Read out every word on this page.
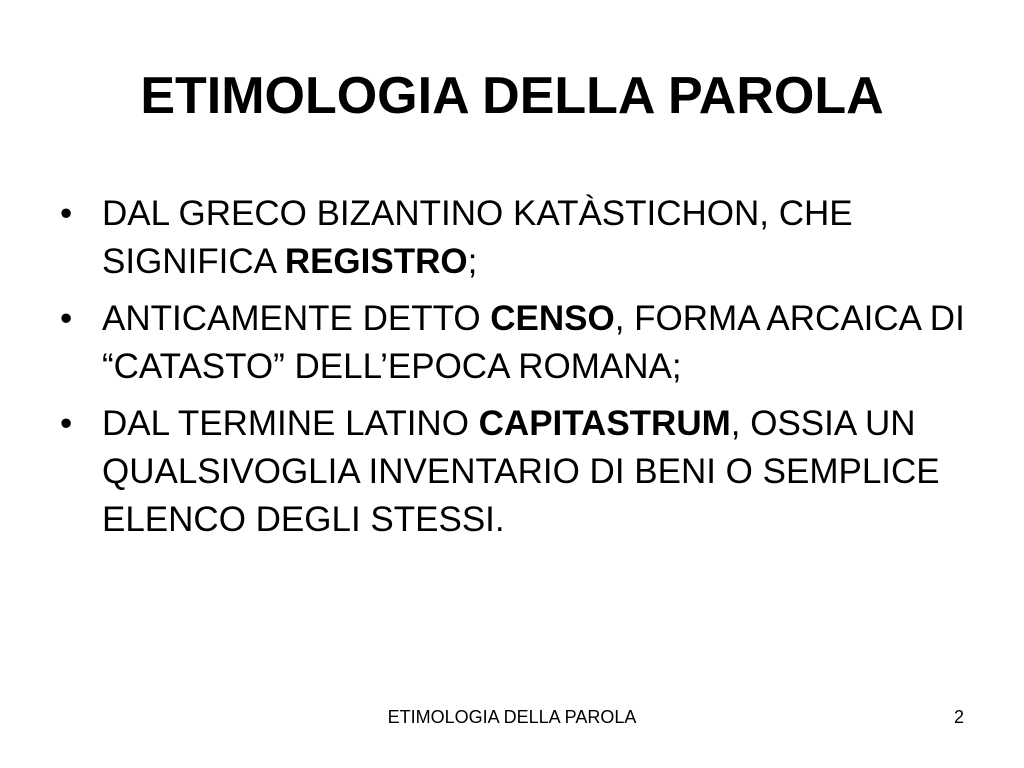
ETIMOLOGIA DELLA PAROLA
• DAL GRECO BIZANTINO KATÀSTICHON, CHE SIGNIFICA REGISTRO;
• ANTICAMENTE DETTO CENSO, FORMA ARCAICA DI “CATASTO” DELL’EPOCA ROMANA;
• DAL TERMINE LATINO CAPITASTRUM, OSSIA UN QUALSIVOGLIA INVENTARIO DI BENI O SEMPLICE ELENCO DEGLI STESSI.
ETIMOLOGIA DELLA PAROLA	2
